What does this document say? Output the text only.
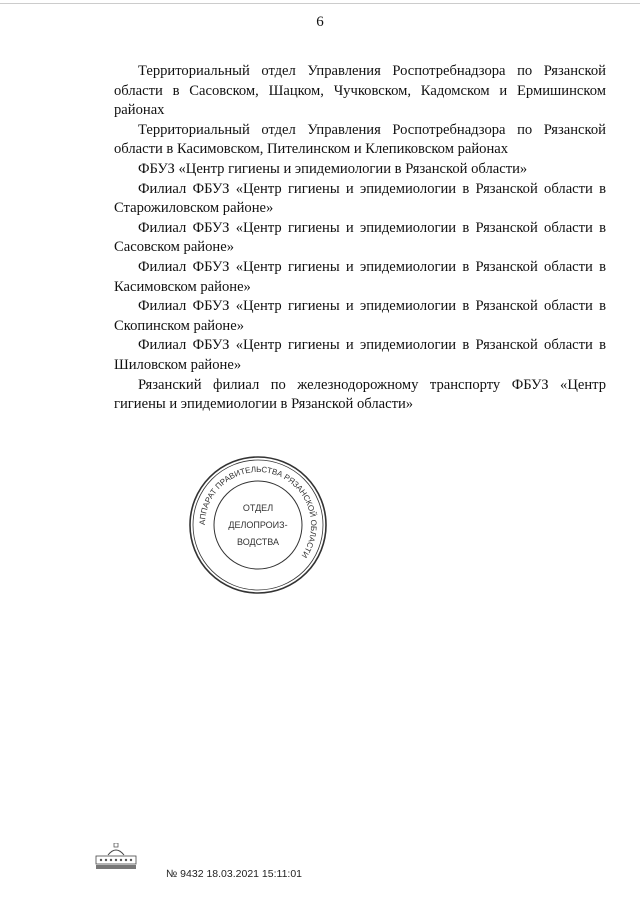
6

Территориальный отдел Управления Роспотребнадзора по Рязанской области в Сасовском, Шацком, Чучковском, Кадомском и Ермишинском районах

Территориальный отдел Управления Роспотребнадзора по Рязанской области в Касимовском, Пителинском и Клепиковском районах

ФБУЗ «Центр гигиены и эпидемиологии в Рязанской области»

Филиал ФБУЗ «Центр гигиены и эпидемиологии в Рязанской области в Старожиловском районе»

Филиал ФБУЗ «Центр гигиены и эпидемиологии в Рязанской области в Сасовском районе»

Филиал ФБУЗ «Центр гигиены и эпидемиологии в Рязанской области в Касимовском районе»

Филиал ФБУЗ «Центр гигиены и эпидемиологии в Рязанской области в Скопинском районе»

Филиал ФБУЗ «Центр гигиены и эпидемиологии в Рязанской области в Шиловском районе»

Рязанский филиал по железнодорожному транспорту ФБУЗ «Центр гигиены и эпидемиологии в Рязанской области»

АППАРАТ ПРАВИТЕЛЬСТВА РЯЗАНСКОЙ ОБЛАСТИ
ОТДЕЛ
ДЕЛОПРОИЗ-
ВОДСТВА
№ 9432 18.03.2021 15:11:01
